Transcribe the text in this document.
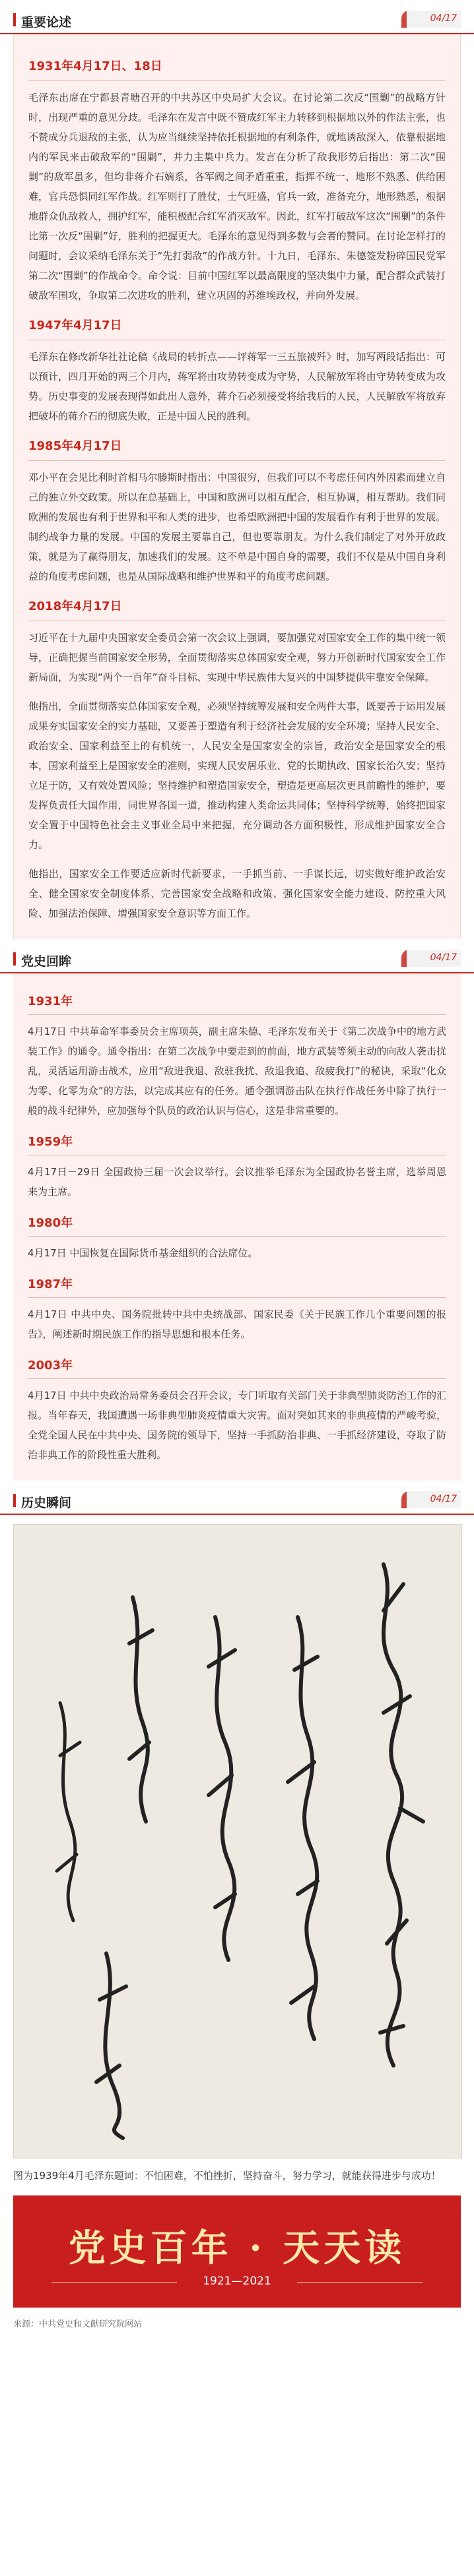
重要论述	04/17
1931年4月17日、18日

毛泽东出席在宁都县青塘召开的中共苏区中央局扩大会议。在讨论第二次反“围剿”的战略方针时，出现严重的意见分歧。毛泽东在发言中既不赞成红军主力转移到根据地以外的作法主张，也不赞成分兵退敌的主张，认为应当继续坚持依托根据地的有利条件，就地诱敌深入，依靠根据地内的军民来击破敌军的“围剿”，并力主集中兵力。发言在分析了敌我形势后指出：第二次“围剿”的敌军虽多，但均非蒋介石嫡系，各军阀之间矛盾重重，指挥不统一、地形不熟悉、供给困难，官兵恐惧同红军作战。红军则打了胜仗，士气旺盛，官兵一致，准备充分，地形熟悉，根据地群众仇敌救人，拥护红军，能积极配合红军消灭敌军。因此，红军打破敌军这次“围剿”的条件比第一次反“围剿”好，胜利的把握更大。毛泽东的意见得到多数与会者的赞同。在讨论怎样打的问题时，会议采纳毛泽东关于“先打弱敌”的作战方针。十九日，毛泽东、朱德签发粉碎国民党军第二次“围剿”的作战命令。命令说：目前中国红军以最高限度的坚决集中力量，配合群众武装打破敌军围攻，争取第二次进攻的胜利，建立巩固的苏维埃政权，并向外发展。

1947年4月17日

毛泽东在修改新华社社论稿《战局的转折点——评蒋军一三五旅被歼》时，加写两段话指出：可以预计，四月开始的两三个月内，蒋军将由攻势转变成为守势，人民解放军将由守势转变成为攻势。历史事变的发展表现得如此出人意外，蒋介石必须接受将给我后的人民，人民解放军将放弃把破坏的蒋介石的彻底失败，正是中国人民的胜利。

1985年4月17日

邓小平在会见比利时首相马尔滕斯时指出：中国很穷，但我们可以不考虑任何内外因素而建立自己的独立外交政策。所以在总基础上，中国和欧洲可以相互配合，相互协调，相互帮助。我们同欧洲的发展也有利于世界和平和人类的进步，也希望欧洲把中国的发展看作有利于世界的发展。制约战争力量的发展。中国的发展主要靠自己，但也要靠朋友。为什么我们制定了对外开放政策，就是为了赢得朋友，加速我们的发展。这不单是中国自身的需要，我们不仅是从中国自身利益的角度考虑问题，也是从国际战略和维护世界和平的角度考虑问题。

2018年4月17日

习近平在十九届中央国家安全委员会第一次会议上强调，要加强党对国家安全工作的集中统一领导，正确把握当前国家安全形势，全面贯彻落实总体国家安全观，努力开创新时代国家安全工作新局面，为实现“两个一百年”奋斗目标、实现中华民族伟大复兴的中国梦提供牢靠安全保障。

他指出，全面贯彻落实总体国家安全观，必须坚持统筹发展和安全两件大事，既要善于运用发展成果夯实国家安全的实力基础，又要善于塑造有利于经济社会发展的安全环境；坚持人民安全、政治安全、国家利益至上的有机统一，人民安全是国家安全的宗旨，政治安全是国家安全的根本，国家利益至上是国家安全的准则，实现人民安居乐业、党的长期执政、国家长治久安；坚持立足于防，又有效处置风险；坚持维护和塑造国家安全，塑造是更高层次更具前瞻性的维护，要发挥负责任大国作用，同世界各国一道，推动构建人类命运共同体；坚持科学统筹，始终把国家安全置于中国特色社会主义事业全局中来把握，充分调动各方面积极性，形成维护国家安全合力。

他指出，国家安全工作要适应新时代新要求，一手抓当前、一手谋长远，切实做好维护政治安全、健全国家安全制度体系、完善国家安全战略和政策、强化国家安全能力建设、防控重大风险、加强法治保障、增强国家安全意识等方面工作。

党史回眸	04/17
1931年

4月17日 中共革命军事委员会主席项英，副主席朱德、毛泽东发布关于《第二次战争中的地方武装工作》的通令。通令指出：在第二次战争中要走到的前面，地方武装等须主动的向敌人袭击扰乱，灵活运用游击战术，应用“敌进我退、敌驻我扰、敌退我追、敌疲我打”的秘诀，采取“化众为零、化零为众”的方法，以完成其应有的任务。通令强调游击队在执行作战任务中除了执行一般的战斗纪律外，应加强每个队员的政治认识与信心，这是非常重要的。

1959年

4月17日－29日 全国政协三届一次会议举行。会议推举毛泽东为全国政协名誉主席，选举周恩来为主席。

1980年

4月17日 中国恢复在国际货币基金组织的合法席位。

1987年

4月17日 中共中央、国务院批转中共中央统战部、国家民委《关于民族工作几个重要问题的报告》，阐述新时期民族工作的指导思想和根本任务。

2003年

4月17日 中共中央政治局常务委员会召开会议，专门听取有关部门关于非典型肺炎防治工作的汇报。当年春天，我国遭遇一场非典型肺炎疫情重大灾害。面对突如其来的非典疫情的严峻考验，全党全国人民在中共中央、国务院的领导下，坚持一手抓防治非典、一手抓经济建设，夺取了防治非典工作的阶段性重大胜利。

历史瞬间	04/17
图为1939年4月毛泽东题词：不怕困难，不怕挫折，坚持奋斗，努力学习，就能获得进步与成功！
党史百年 · 天天读
1921—2021
来源：中共党史和文献研究院网站
